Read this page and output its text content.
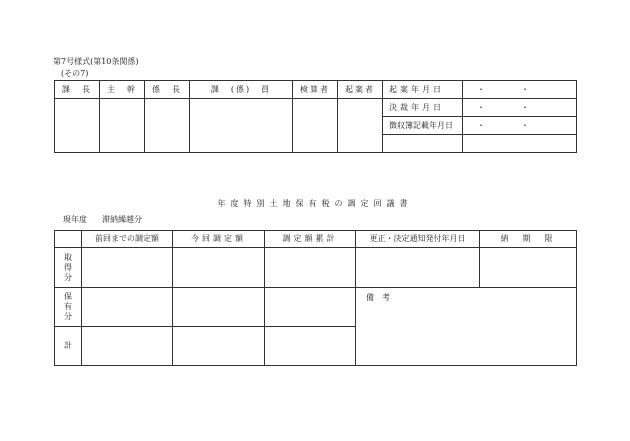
第7号様式(第10条関係)
(その7)
課　長	主　幹	係　長	課　(係)　員	検算者	起案者	起案年月日	・　・
						決裁年月日	・　・
						徴収簿記載年月日	・　・

年度特別土地保有税の調定回議書
現年度 滞納繰越分
	前回までの調定額	今回調定額	調定額累計	更正・決定通知発付年月日	納　期　限
取得分					
保有分				備考	
計					
